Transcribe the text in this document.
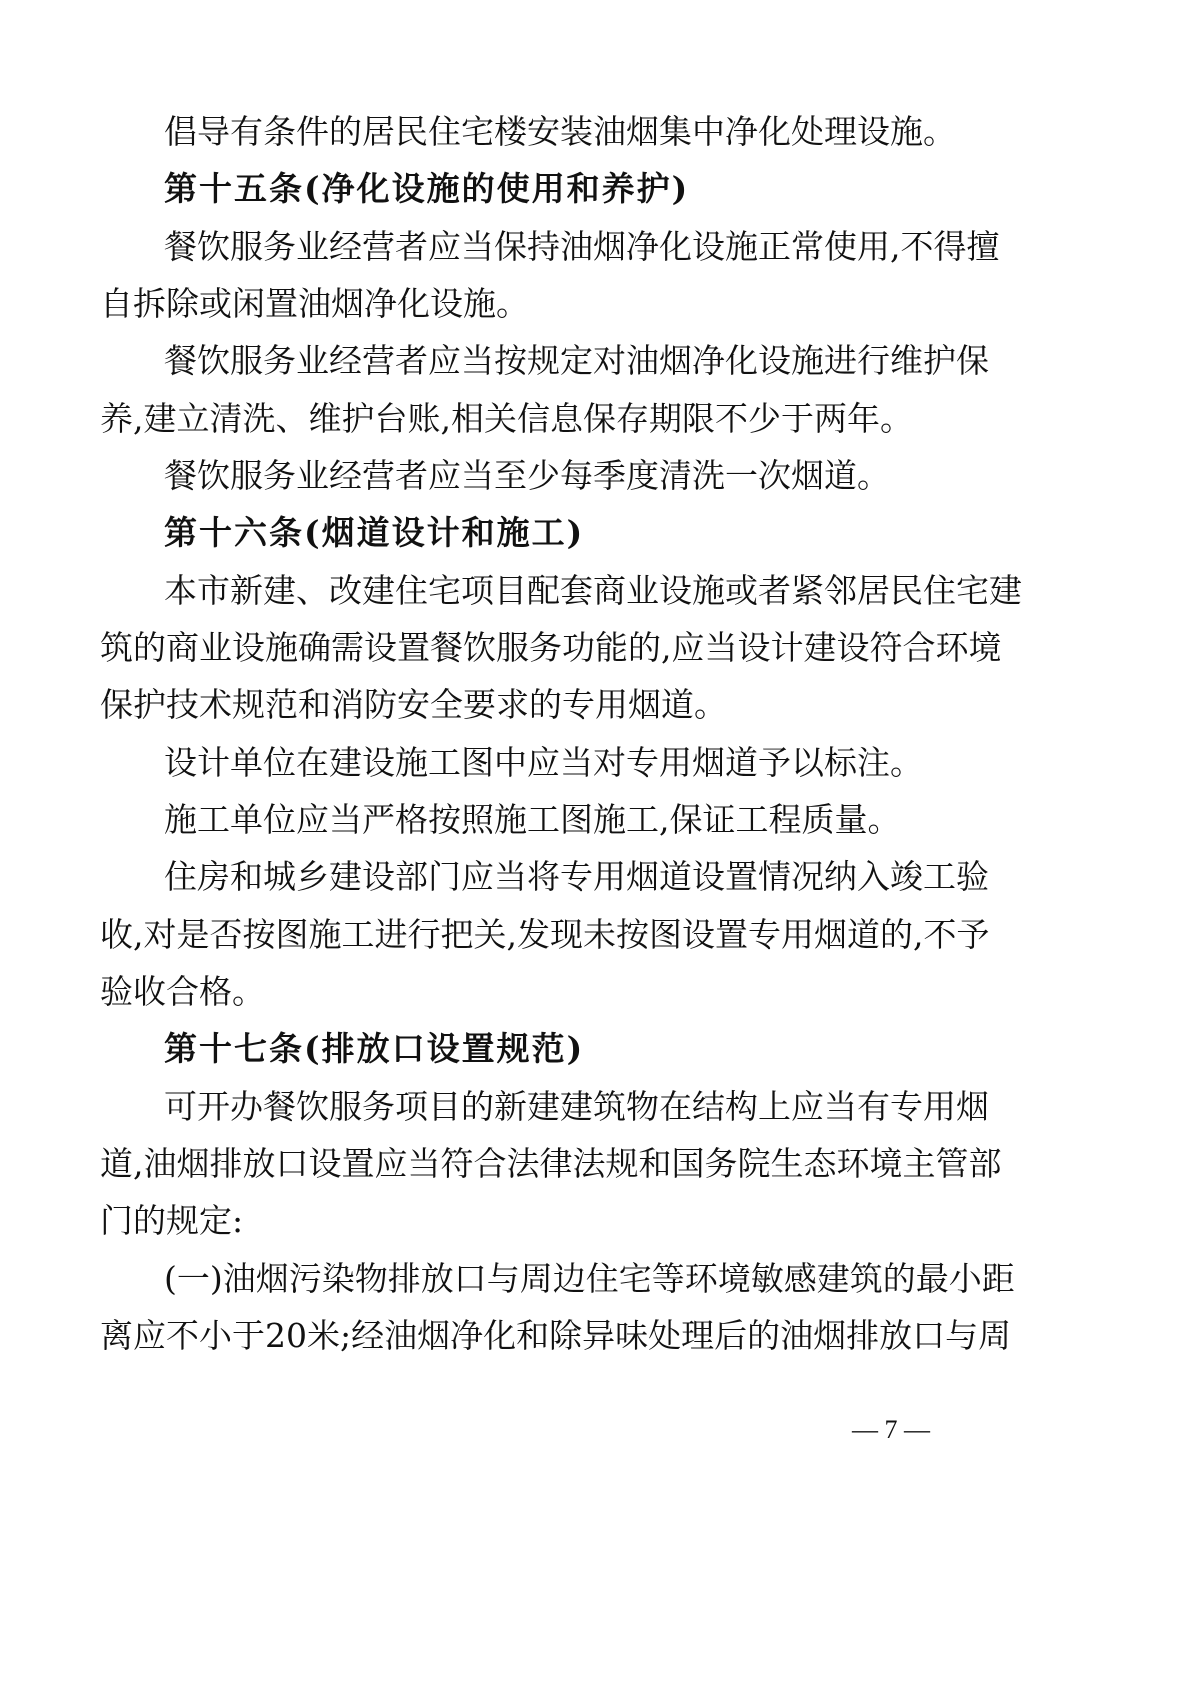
倡导有条件的居民住宅楼安装油烟集中净化处理设施。
第十五条(净化设施的使用和养护)
餐饮服务业经营者应当保持油烟净化设施正常使用,不得擅
自拆除或闲置油烟净化设施。
餐饮服务业经营者应当按规定对油烟净化设施进行维护保
养,建立清洗、维护台账,相关信息保存期限不少于两年。
餐饮服务业经营者应当至少每季度清洗一次烟道。
第十六条(烟道设计和施工)
本市新建、改建住宅项目配套商业设施或者紧邻居民住宅建
筑的商业设施确需设置餐饮服务功能的,应当设计建设符合环境
保护技术规范和消防安全要求的专用烟道。
设计单位在建设施工图中应当对专用烟道予以标注。
施工单位应当严格按照施工图施工,保证工程质量。
住房和城乡建设部门应当将专用烟道设置情况纳入竣工验
收,对是否按图施工进行把关,发现未按图设置专用烟道的,不予
验收合格。
第十七条(排放口设置规范)
可开办餐饮服务项目的新建建筑物在结构上应当有专用烟
道,油烟排放口设置应当符合法律法规和国务院生态环境主管部
门的规定:
(一)油烟污染物排放口与周边住宅等环境敏感建筑的最小距
离应不小于20米;经油烟净化和除异味处理后的油烟排放口与周
— 7 —
